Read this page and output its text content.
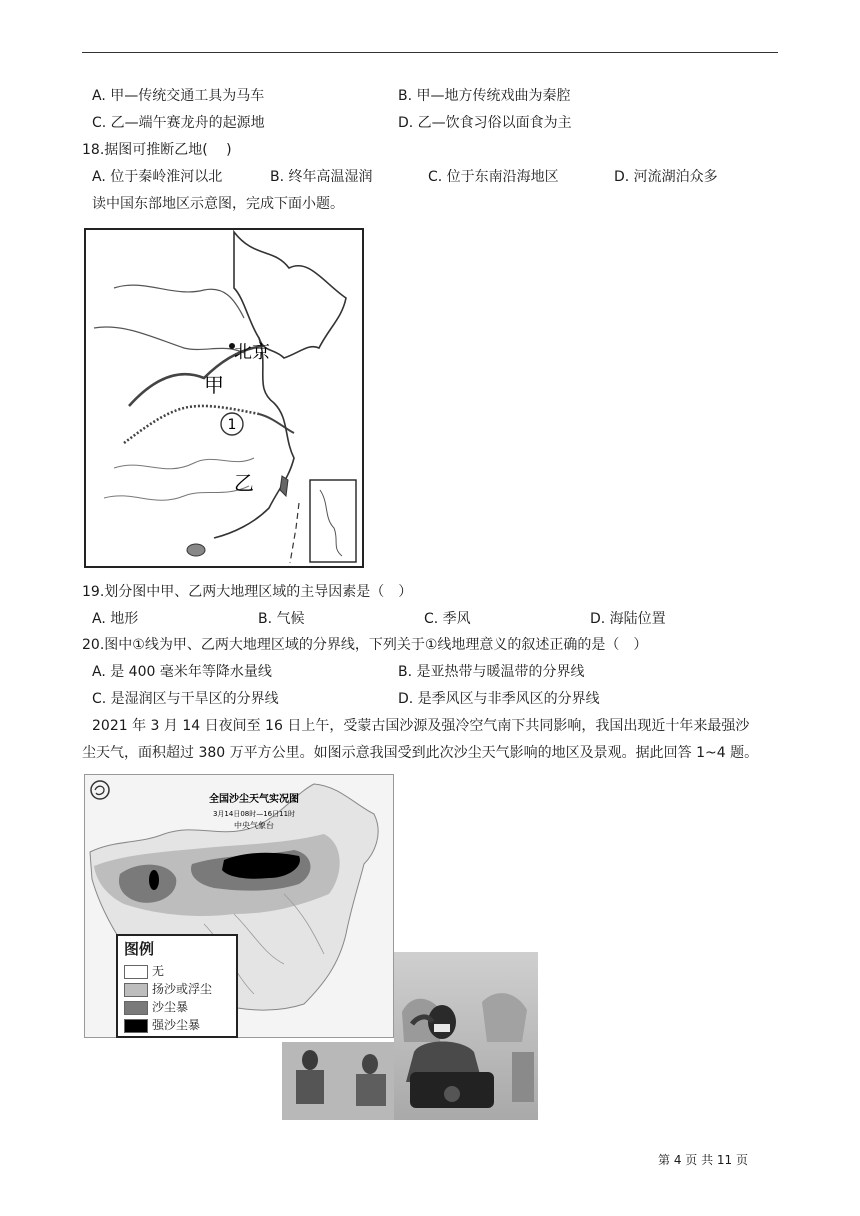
A. 甲—传统交通工具为马车	B. 甲—地方传统戏曲为秦腔
C. 乙—端午赛龙舟的起源地	D. 乙—饮食习俗以面食为主
18.据图可推断乙地(　 )
A. 位于秦岭淮河以北	B. 终年高温湿润	C. 位于东南沿海地区	D. 河流湖泊众多
读中国东部地区示意图，完成下面小题。
1
北京
甲
乙
19.划分图中甲、乙两大地理区域的主导因素是（　）
A. 地形	B. 气候	C. 季风	D. 海陆位置
20.图中①线为甲、乙两大地理区域的分界线，下列关于①线地理意义的叙述正确的是（　）
A. 是 400 毫米年等降水量线	B. 是亚热带与暖温带的分界线
C. 是湿润区与干旱区的分界线	D. 是季风区与非季风区的分界线
2021 年 3 月 14 日夜间至 16 日上午，受蒙古国沙源及强冷空气南下共同影响，我国出现近十年来最强沙
尘天气，面积超过 380 万平方公里。如图示意我国受到此次沙尘天气影响的地区及景观。据此回答 1~4 题。
全国沙尘天气实况图
3月14日08时—16日11时
中央气象台
图例
无
扬沙或浮尘
沙尘暴
强沙尘暴
第 4 页 共 11 页
